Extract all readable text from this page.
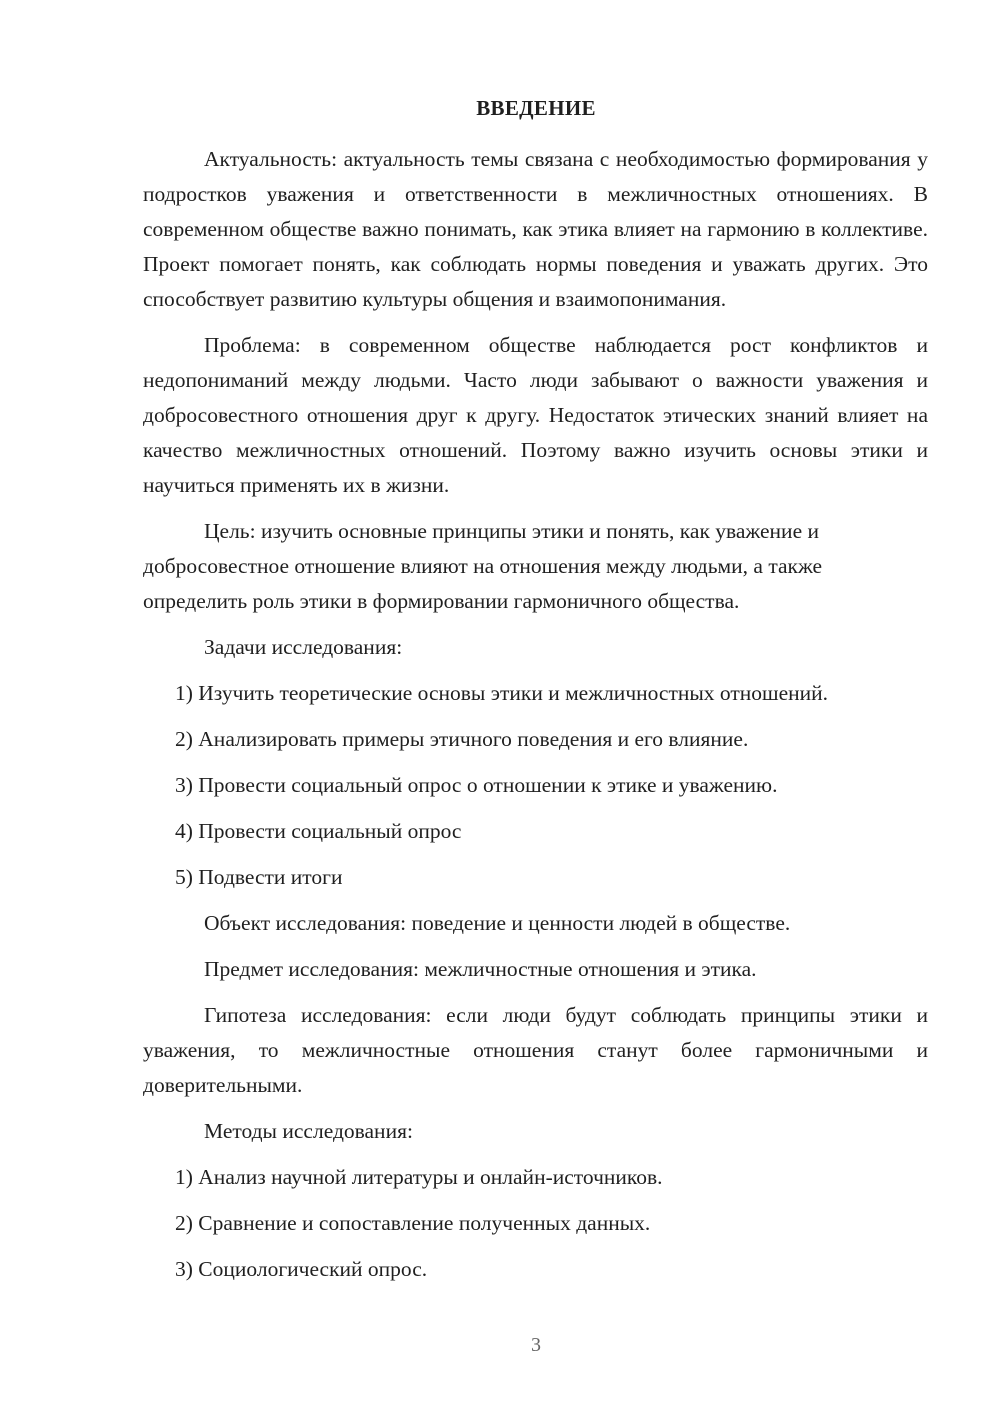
ВВЕДЕНИЕ

Актуальность: актуальность темы связана с необходимостью формирования у подростков уважения и ответственности в межличностных отношениях. В современном обществе важно понимать, как этика влияет на гармонию в коллективе. Проект помогает понять, как соблюдать нормы поведения и уважать других. Это способствует развитию культуры общения и взаимопонимания.

Проблема: в современном обществе наблюдается рост конфликтов и недопониманий между людьми. Часто люди забывают о важности уважения и добросовестного отношения друг к другу. Недостаток этических знаний влияет на качество межличностных отношений. Поэтому важно изучить основы этики и научиться применять их в жизни.

Цель: изучить основные принципы этики и понять, как уважение и добросовестное отношение влияют на отношения между людьми, а также определить роль этики в формировании гармоничного общества.

Задачи исследования:

1) Изучить теоретические основы этики и межличностных отношений.

2) Анализировать примеры этичного поведения и его влияние.

3) Провести социальный опрос о отношении к этике и уважению.

4) Провести социальный опрос

5) Подвести итоги

Объект исследования: поведение и ценности людей в обществе.

Предмет исследования: межличностные отношения и этика.

Гипотеза исследования: если люди будут соблюдать принципы этики и уважения, то межличностные отношения станут более гармоничными и доверительными.

Методы исследования:

1) Анализ научной литературы и онлайн-источников.

2) Сравнение и сопоставление полученных данных.

3) Социологический опрос.

3
